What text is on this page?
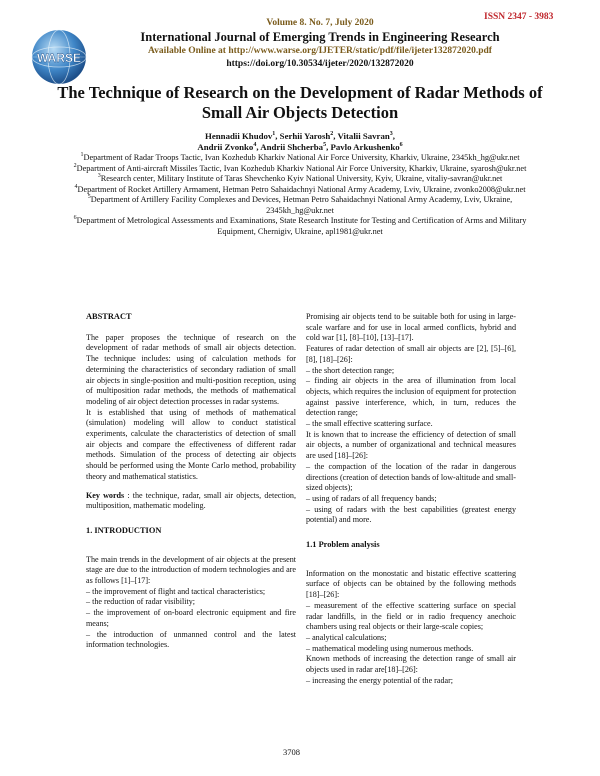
ISSN 2347 - 3983
WARSE
Volume 8. No. 7, July 2020
International Journal of Emerging Trends in Engineering Research
Available Online at http://www.warse.org/IJETER/static/pdf/file/ijeter132872020.pdf
https://doi.org/10.30534/ijeter/2020/132872020
The Technique of Research on the Development of Radar Methods of Small Air Objects Detection
Hennadii Khudov$^1$, Serhii Yarosh$^2$, Vitalii Savran$^3$,
Andrii Zvonko$^4$, Andrii Shcherba$^5$, Pavlo Arkushenko$^6$

$^1$Department of Radar Troops Tactic, Ivan Kozhedub Kharkiv National Air Force University, Kharkiv, Ukraine, 2345kh_hg@ukr.net

$^2$Department of Anti-aircraft Missiles Tactic, Ivan Kozhedub Kharkiv National Air Force University, Kharkiv, Ukraine, syarosh@ukr.net

$^3$Research center, Military Institute of Taras Shevchenko Kyiv National University, Kyiv, Ukraine, vitaliy-savran@ukr.net

$^4$Department of Rocket Artillery Armament, Hetman Petro Sahaidachnyi National Army Academy, Lviv, Ukraine, zvonko2008@ukr.net

$^5$Department of Artillery Facility Complexes and Devices, Hetman Petro Sahaidachnyi National Army Academy, Lviv, Ukraine, 2345kh_hg@ukr.net

$^6$Department of Metrological Assessments and Examinations, State Research Institute for Testing and Certification of Arms and Military Equipment, Chernigiv, Ukraine, apl1981@ukr.net

ABSTRACT

The paper proposes the technique of research on the development of radar methods of small air objects detection. The technique includes: using of calculation methods for determining the characteristics of secondary radiation of small air objects in single-position and multi-position reception, using of multiposition radar methods, the methods of mathematical modeling of air object detection processes in radar systems.

It is established that using of methods of mathematical (simulation) modeling will allow to conduct statistical experiments, calculate the characteristics of detection of small air objects and compare the effectiveness of different radar methods. Simulation of the process of detecting air objects should be performed using the Monte Carlo method, probability theory and mathematical statistics.

Key words : the technique, radar, small air objects, detection, multiposition, mathematic modeling.

1. INTRODUCTION

The main trends in the development of air objects at the present stage are due to the introduction of modern technologies and are as follows [1]–[17]:

– the improvement of flight and tactical characteristics;

– the reduction of radar visibility;

– the improvement of on-board electronic equipment and fire means;

– the introduction of unmanned control and the latest information technologies.

Promising air objects tend to be suitable both for using in large-scale warfare and for use in local armed conflicts, hybrid and cold war [1], [8]–[10], [13]–[17].

Features of radar detection of small air objects are [2], [5]–[6], [8], [18]–[26]:

– the short detection range;

– finding air objects in the area of illumination from local objects, which requires the inclusion of equipment for protection against passive interference, which, in turn, reduces the detection range;

– the small effective scattering surface.

It is known that to increase the efficiency of detection of small air objects, a number of organizational and technical measures are used [18]–[26]:

– the compaction of the location of the radar in dangerous directions (creation of detection bands of low-altitude and small-sized objects);

– using of radars of all frequency bands;

– using of radars with the best capabilities (greatest energy potential) and more.

1.1 Problem analysis

Information on the monostatic and bistatic effective scattering surface of objects can be obtained by the following methods [18]–[26]:

– measurement of the effective scattering surface on special radar landfills, in the field or in radio frequency anechoic chambers using real objects or their large-scale copies;

– analytical calculations;

– mathematical modeling using numerous methods.

Known methods of increasing the detection range of small air objects used in radar are[18]–[26]:

– increasing the energy potential of the radar;

3708
